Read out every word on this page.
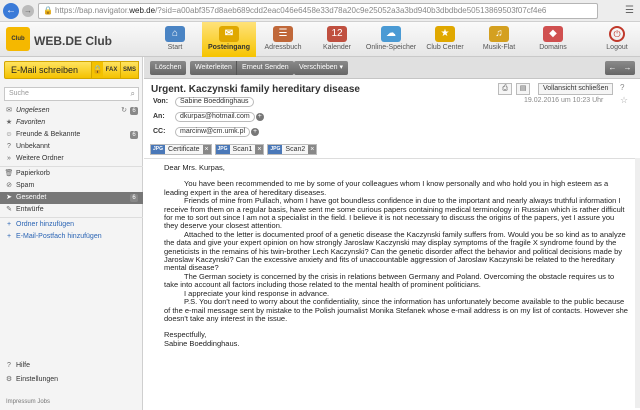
←	→ 🔒 https://bap.navigator.web.de/?sid=a00abf357d8aeb689cdd2eac046e6458e33d78a20c9e25052a3a3bd940b3dbdbde50513869503f07cf4e6	☰
Club WEB.DE Club
⌂
Start
✉
Posteingang
☰
Adressbuch
12
Kalender
☁
Online-Speicher
★
Club Center
♫
Musik-Flat
◆
Domains
⏻
Logout
E-Mail schreiben	🔒 FAX SMS
Suche	⌕
✉ Ungelesen	↻ 6
★ Favoriten
☺ Freunde & Bekannte	6
? Unbekannt
» Weitere Ordner
🗑 Papierkorb
⊘ Spam
➤ Gesendet	6
✎ Entwürfe
+ Ordner hinzufügen
+ E-Mail-Postfach hinzufügen
? Hilfe
⚙ Einstellungen
Impressum Jobs
Löschen	Weiterleiten	Erneut Senden	Verschieben ▾	← →
Urgent. Kaczynski family hereditary disease	⎙	▤	Vollansicht schließen	?
Von: Sabine Boeddinghaus
An: dkurpas@hotmail.com +
CC: marcinw@cm.umk.pl +
19.02.2016 um 10:23 Uhr ☆
JPG Certificate ×	JPG Scan1 ×	JPG Scan2 ×

Dear Mrs. Kurpas,

You have been recommended to me by some of your colleagues whom I know personally and who hold you in high esteem as a leading expert in the area of hereditary diseases.

Friends of mine from Pullach, whom I have got boundless confidence in due to the important and nearly always truthful information I receive from them on a regular basis, have sent me some curious papers containing medical terminology in Russian which is rather difficult for me to sort out since I am not a specialist in the field. I believe it is not necessary to discuss the origins of the papers, yet I assure you they deserve your closest attention.

Attached to the letter is documented proof of a genetic disease the Kaczynski family suffers from. Would you be so kind as to analyze the data and give your expert opinion on how strongly Jaroslaw Kaczynski may display symptoms of the fragile X syndrome found by the geneticists in the remains of his twin-brother Lech Kaczynski? Can the genetic disorder affect the behavior and political decisions made by Jaroslaw Kaczynski? Can the excessive anxiety and fits of unaccountable aggression of Jaroslaw Kaczynski be related to the hereditary mental disease?

The German society is concerned by the crisis in relations between Germany and Poland. Overcoming the obstacle requires us to take into account all factors including those related to the mental health of prominent politicians.

I appreciate your kind response in advance.

P.S. You don't need to worry about the confidentiality, since the information has unfortunately become available to the public because of the e-mail message sent by mistake to the Polish journalist Monika Stefanek whose e-mail address is on my list of contacts. However she doesn't take any interest in the issue.

Respectfully,

Sabine Boeddinghaus.
